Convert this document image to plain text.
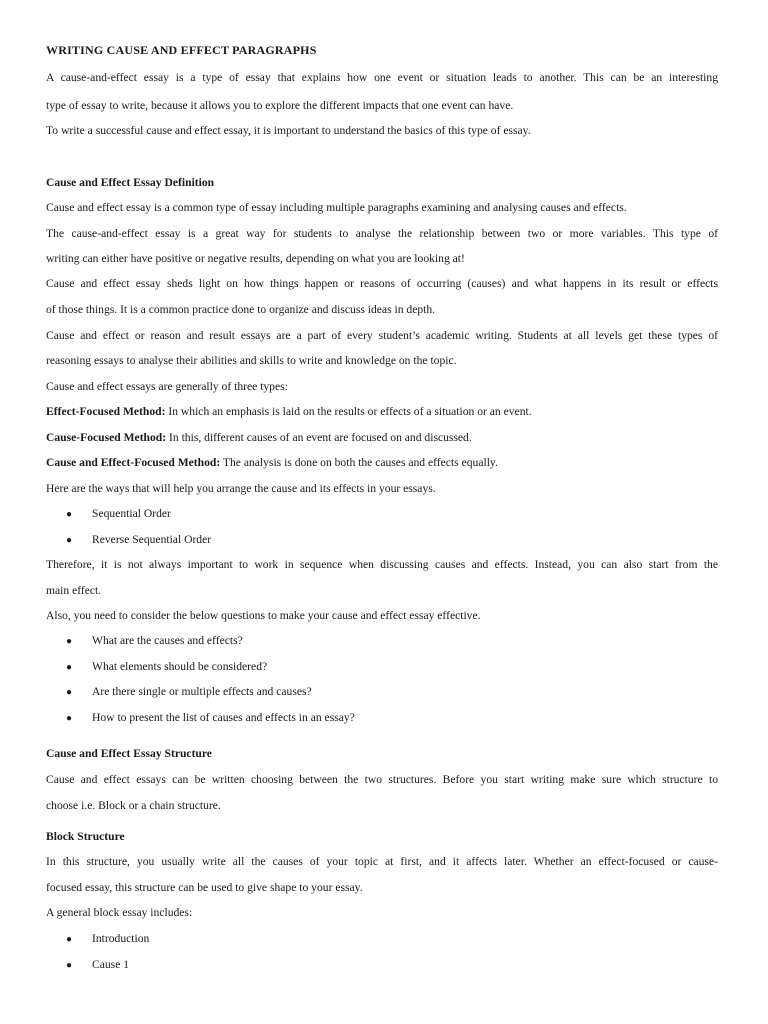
WRITING CAUSE AND EFFECT PARAGRAPHS
A cause-and-effect essay is a type of essay that explains how one event or situation leads to another. This can be an interesting
type of essay to write, because it allows you to explore the different impacts that one event can have.
To write a successful cause and effect essay, it is important to understand the basics of this type of essay.
Cause and Effect Essay Definition
Cause and effect essay is a common type of essay including multiple paragraphs examining and analysing causes and effects.
The cause-and-effect essay is a great way for students to analyse the relationship between two or more variables. This type of
writing can either have positive or negative results, depending on what you are looking at!
Cause and effect essay sheds light on how things happen or reasons of occurring (causes) and what happens in its result or effects
of those things. It is a common practice done to organize and discuss ideas in depth.
Cause and effect or reason and result essays are a part of every student’s academic writing. Students at all levels get these types of
reasoning essays to analyse their abilities and skills to write and knowledge on the topic.
Cause and effect essays are generally of three types:
Effect-Focused Method: In which an emphasis is laid on the results or effects of a situation or an event.
Cause-Focused Method: In this, different causes of an event are focused on and discussed.
Cause and Effect-Focused Method: The analysis is done on both the causes and effects equally.
Here are the ways that will help you arrange the cause and its effects in your essays.
● Sequential Order
● Reverse Sequential Order
Therefore, it is not always important to work in sequence when discussing causes and effects. Instead, you can also start from the
main effect.
Also, you need to consider the below questions to make your cause and effect essay effective.
● What are the causes and effects?
● What elements should be considered?
● Are there single or multiple effects and causes?
● How to present the list of causes and effects in an essay?
Cause and Effect Essay Structure
Cause and effect essays can be written choosing between the two structures. Before you start writing make sure which structure to
choose i.e. Block or a chain structure.
Block Structure
In this structure, you usually write all the causes of your topic at first, and it affects later. Whether an effect-focused or cause-
focused essay, this structure can be used to give shape to your essay.
A general block essay includes:
● Introduction
● Cause 1
